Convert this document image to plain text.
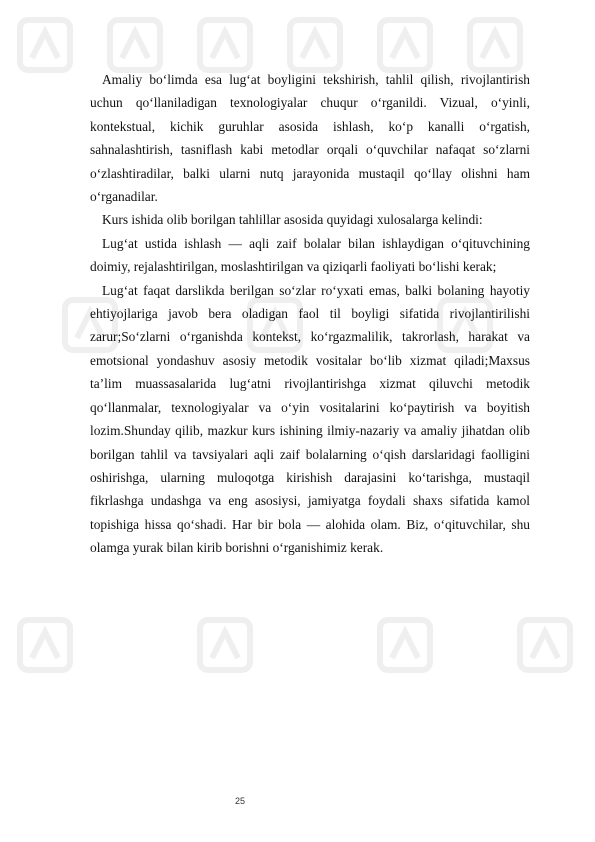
Amaliy bo‘limda esa lug‘at boyligini tekshirish, tahlil qilish, rivojlantirish uchun qo‘llaniladigan texnologiyalar chuqur o‘rganildi. Vizual, o‘yinli, kontekstual, kichik guruhlar asosida ishlash, ko‘p kanalli o‘rgatish, sahnalashtirish, tasniflash kabi metodlar orqali o‘quvchilar nafaqat so‘zlarni o‘zlashtiradilar, balki ularni nutq jarayonida mustaqil qo‘llay olishni ham o‘rganadilar.

Kurs ishida olib borilgan tahlillar asosida quyidagi xulosalarga kelindi:

Lug‘at ustida ishlash — aqli zaif bolalar bilan ishlaydigan o‘qituvchining doimiy, rejalashtirilgan, moslashtirilgan va qiziqarli faoliyati bo‘lishi kerak;

Lug‘at faqat darslikda berilgan so‘zlar ro‘yxati emas, balki bolaning hayotiy ehtiyojlariga javob bera oladigan faol til boyligi sifatida rivojlantirilishi zarur;So‘zlarni o‘rganishda kontekst, ko‘rgazmalilik, takrorlash, harakat va emotsional yondashuv asosiy metodik vositalar bo‘lib xizmat qiladi;Maxsus ta’lim muassasalarida lug‘atni rivojlantirishga xizmat qiluvchi metodik qo‘llanmalar, texnologiyalar va o‘yin vositalarini ko‘paytirish va boyitish lozim.Shunday qilib, mazkur kurs ishining ilmiy-nazariy va amaliy jihatdan olib borilgan tahlil va tavsiyalari aqli zaif bolalarning o‘qish darslaridagi faolligini oshirishga, ularning muloqotga kirishish darajasini ko‘tarishga, mustaqil fikrlashga undashga va eng asosiysi, jamiyatga foydali shaxs sifatida kamol topishiga hissa qo‘shadi. Har bir bola — alohida olam. Biz, o‘qituvchilar, shu olamga yurak bilan kirib borishni o‘rganishimiz kerak.

25
